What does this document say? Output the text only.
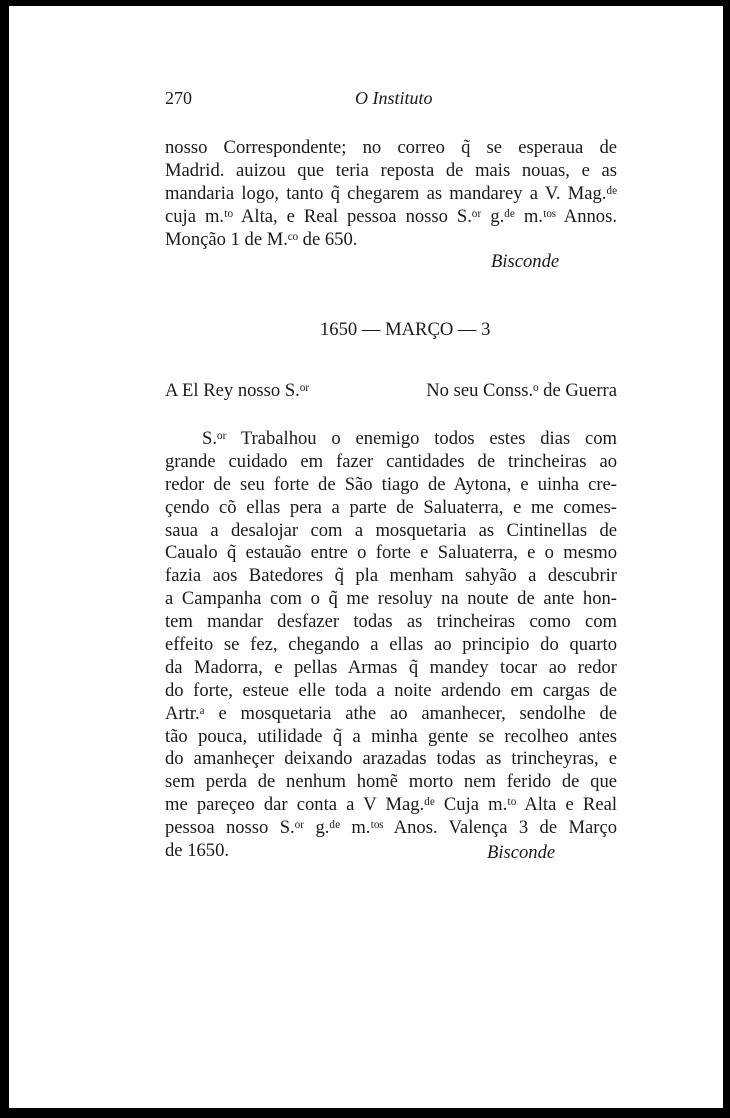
270	O Instituto
nosso Correspondente; no correo q̃ se esperaua de
Madrid. auizou que teria reposta de mais nouas, e as
mandaria logo, tanto q̃ chegarem as mandarey a V. Mag.ᵈᵉ
cuja m.ᵗᵒ Alta, e Real pessoa nosso S.ᵒʳ g.ᵈᵉ m.ᵗᵒˢ Annos.
Monção 1 de M.ᶜᵒ de 650.
Bisconde
1650 — MARÇO — 3
A El Rey nosso S.ᵒʳ	No seu Conss.ᵒ de Guerra
S.ᵒʳ Trabalhou o enemigo todos estes dias com
grande cuidado em fazer cantidades de trincheiras ao
redor de seu forte de São tiago de Aytona, e uinha cre-
çendo cõ ellas pera a parte de Saluaterra, e me comes-
saua a desalojar com a mosquetaria as Cintinellas de
Caualo q̃ estauão entre o forte e Saluaterra, e o mesmo
fazia aos Batedores q̃ pla menham sahyão a descubrir
a Campanha com o q̃ me resoluy na noute de ante hon-
tem mandar desfazer todas as trincheiras como com
effeito se fez, chegando a ellas ao principio do quarto
da Madorra, e pellas Armas q̃ mandey tocar ao redor
do forte, esteue elle toda a noite ardendo em cargas de
Artr.ᵃ e mosquetaria athe ao amanhecer, sendolhe de
tão pouca, utilidade q̃ a minha gente se recolheo antes
do amanheçer deixando arazadas todas as trincheyras, e
sem perda de nenhum homẽ morto nem ferido de que
me pareçeo dar conta a V Mag.ᵈᵉ Cuja m.ᵗᵒ Alta e Real
pessoa nosso S.ᵒʳ g.ᵈᵉ m.ᵗᵒˢ Anos. Valença 3 de Março
de 1650.	Bisconde
